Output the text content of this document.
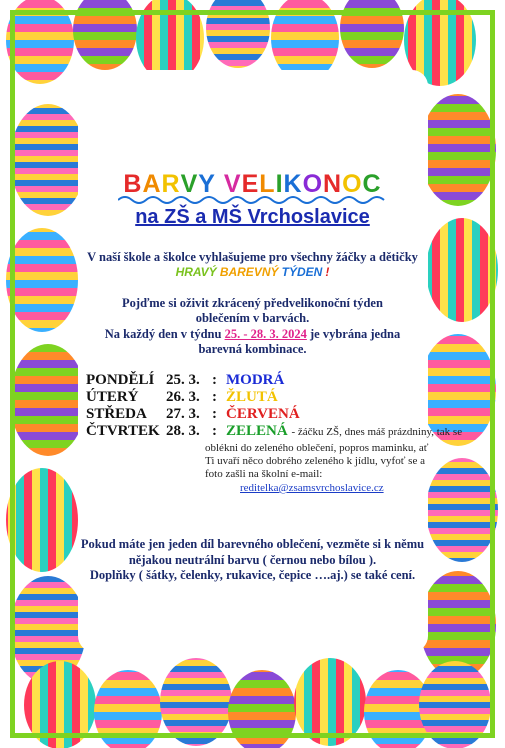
BARVY VELIKONOC
na ZŠ a MŠ Vrchoslavice
V naší škole a školce vyhlašujeme pro všechny žáčky a dětičky
HRAVÝ BAREVNÝ TÝDEN !
Pojďme si oživit zkrácený předvelikonoční týden
oblečením v barvách.
Na každý den v týdnu 25. - 28. 3. 2024 je vybrána jedna
barevná kombinace.
PONDĚLÍ 25. 3. : MODRÁ
ÚTERÝ 26. 3. : ŽLUTÁ
STŘEDA 27. 3. : ČERVENÁ
ČTVRTEK 28. 3. : ZELENÁ - žáčku ZŠ, dnes máš prázdniny, tak se
oblékni do zeleného oblečení, popros maminku, ať
Ti uvaří něco dobrého zeleného k jídlu, vyfoť se a
foto zašli na školní e-mail:
reditelka@zsamsvrchoslavice.cz
Pokud máte jen jeden díl barevného oblečení, vezměte si k němu
nějakou neutrální barvu ( černou nebo bílou ).
Doplňky ( šátky, čelenky, rukavice, čepice ….aj.) se také cení.
